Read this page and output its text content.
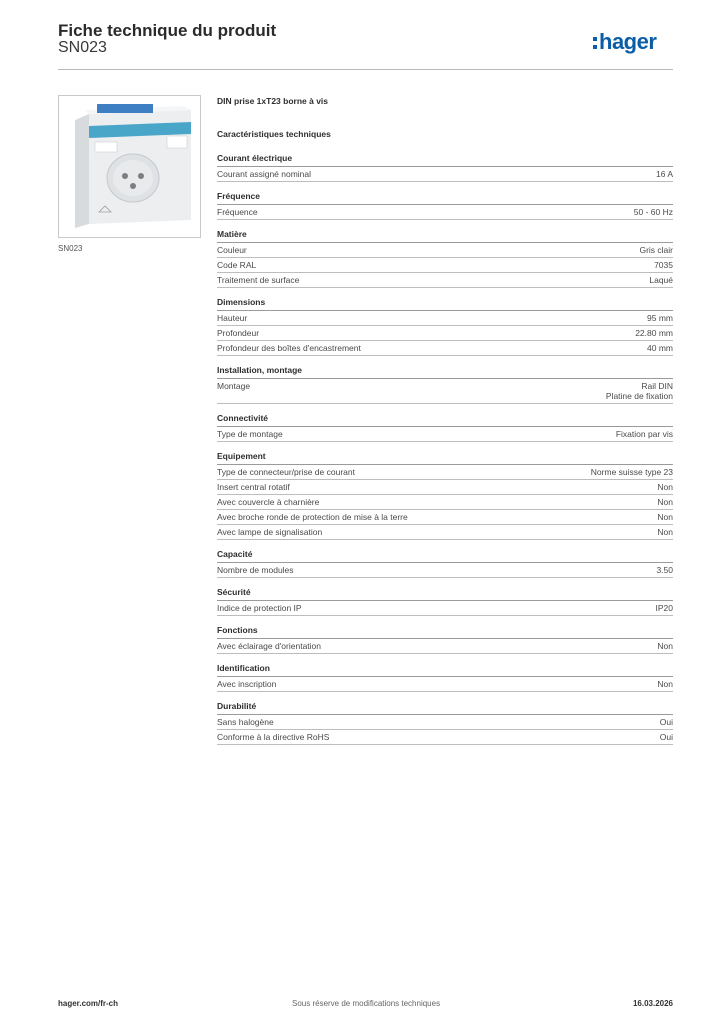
Fiche technique du produit
SN023	hager
SN023
DIN prise 1xT23 borne à vis
Caractéristiques techniques
Courant électrique
Courant assigné nominal	16 A
Fréquence
Fréquence	50 - 60 Hz
Matière
Couleur	Gris clair
Code RAL	7035
Traitement de surface	Laqué
Dimensions
Hauteur	95 mm
Profondeur	22.80 mm
Profondeur des boîtes d'encastrement	40 mm
Installation, montage
Montage	Rail DIN
Platine de fixation
Connectivité
Type de montage	Fixation par vis
Equipement
Type de connecteur/prise de courant	Norme suisse type 23
Insert central rotatif	Non
Avec couvercle à charnière	Non
Avec broche ronde de protection de mise à la terre	Non
Avec lampe de signalisation	Non
Capacité
Nombre de modules	3.50
Sécurité
Indice de protection IP	IP20
Fonctions
Avec éclairage d'orientation	Non
Identification
Avec inscription	Non
Durabilité
Sans halogène	Oui
Conforme à la directive RoHS	Oui
hager.com/fr-ch	Sous réserve de modifications techniques	16.03.2026
